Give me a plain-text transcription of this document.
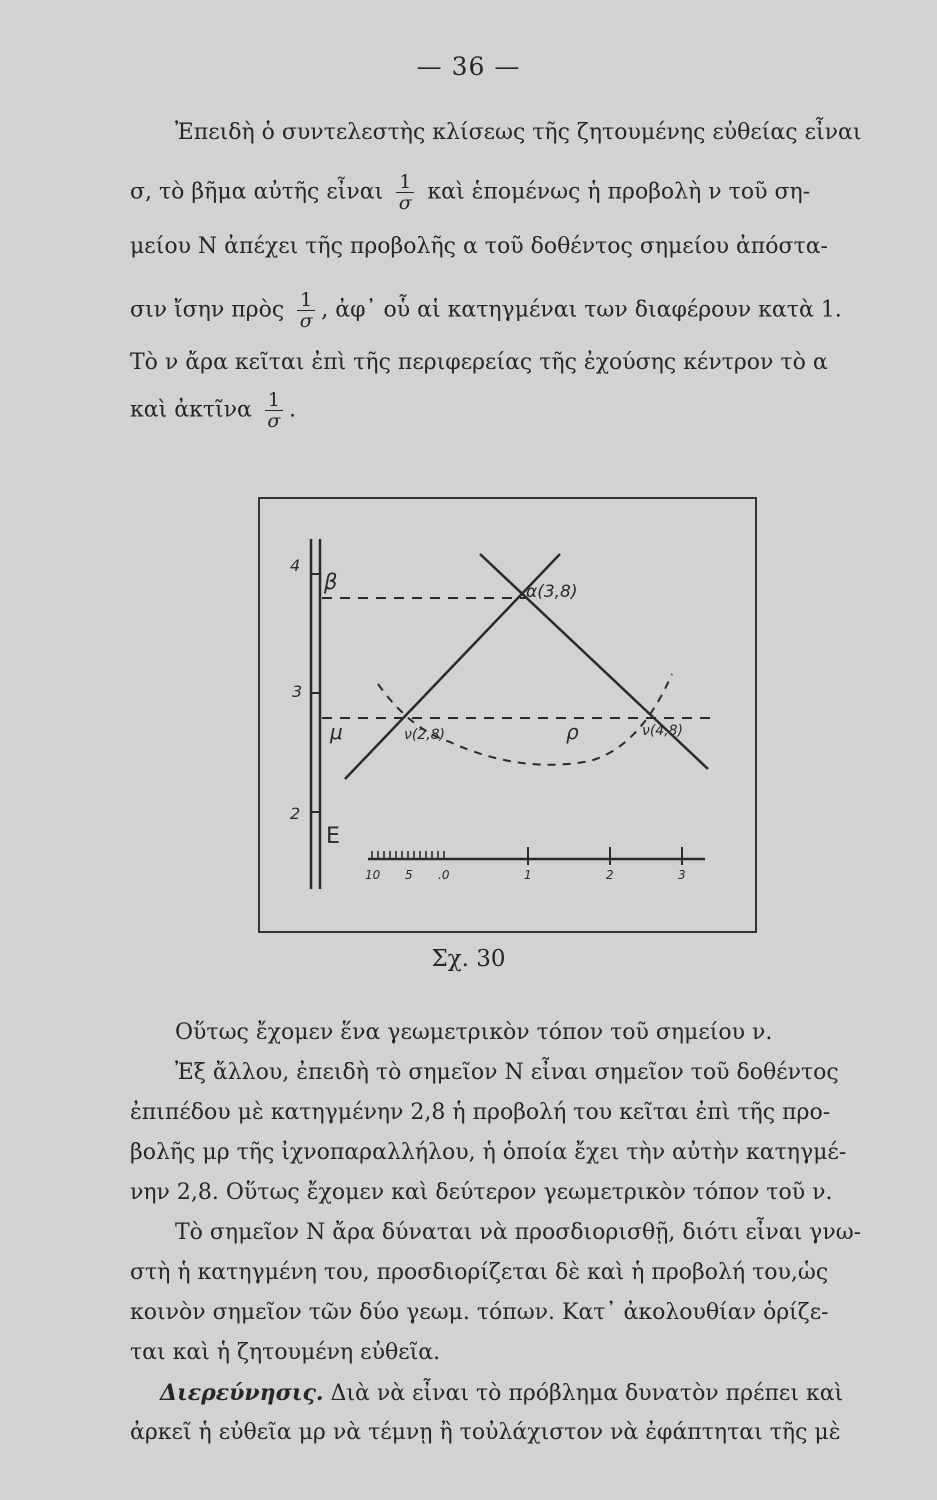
— 36 —
Ἐπειδὴ ὁ συντελεστὴς κλίσεως τῆς ζητουμένης εὐθείας εἶναι
σ, τὸ βῆμα αὐτῆς εἶναι $\frac{1}{\sigma}$ καὶ ἑπομένως ἡ προβολὴ ν τοῦ ση-
μείου Ν ἀπέχει τῆς προβολῆς α τοῦ δοθέντος σημείου ἀπόστα-
σιν ἴσην πρὸς $\frac{1}{\sigma}$ , ἀφ᾽ οὗ αἱ κατηγμέναι των διαφέρουν κατὰ 1.
Τὸ ν ἄρα κεῖται ἐπὶ τῆς περιφερείας τῆς ἐχούσης κέντρον τὸ α
καὶ ἀκτῖνα $\frac{1}{\sigma}$ .
4
3
2
β	α(3,8)
μ	ν(2,8)	ρ	ν(4,8)
Ε
10 5 .0	1	2	3
Σχ. 30
Οὕτως ἔχομεν ἕνα γεωμετρικὸν τόπον τοῦ σημείου ν.
Ἐξ ἄλλου, ἐπειδὴ τὸ σημεῖον Ν εἶναι σημεῖον τοῦ δοθέντος
ἐπιπέδου μὲ κατηγμένην 2,8 ἡ προβολή του κεῖται ἐπὶ τῆς προ-
βολῆς μρ τῆς ἰχνοπαραλλήλου, ἡ ὁποία ἔχει τὴν αὐτὴν κατηγμέ-
νην 2,8. Οὕτως ἔχομεν καὶ δεύτερον γεωμετρικὸν τόπον τοῦ ν.
Τὸ σημεῖον Ν ἄρα δύναται νὰ προσδιορισθῇ, διότι εἶναι γνω-
στὴ ἡ κατηγμένη του, προσδιορίζεται δὲ καὶ ἡ προβολή του,ὡς
κοινὸν σημεῖον τῶν δύο γεωμ. τόπων. Κατ᾽ ἀκολουθίαν ὁρίζε-
ται καὶ ἡ ζητουμένη εὐθεῖα.
Διερεύνησις. Διὰ νὰ εἶναι τὸ πρόβλημα δυνατὸν πρέπει καὶ
ἀρκεῖ ἡ εὐθεῖα μρ νὰ τέμνῃ ἢ τοὐλάχιστον νὰ ἐφάπτηται τῆς μὲ
